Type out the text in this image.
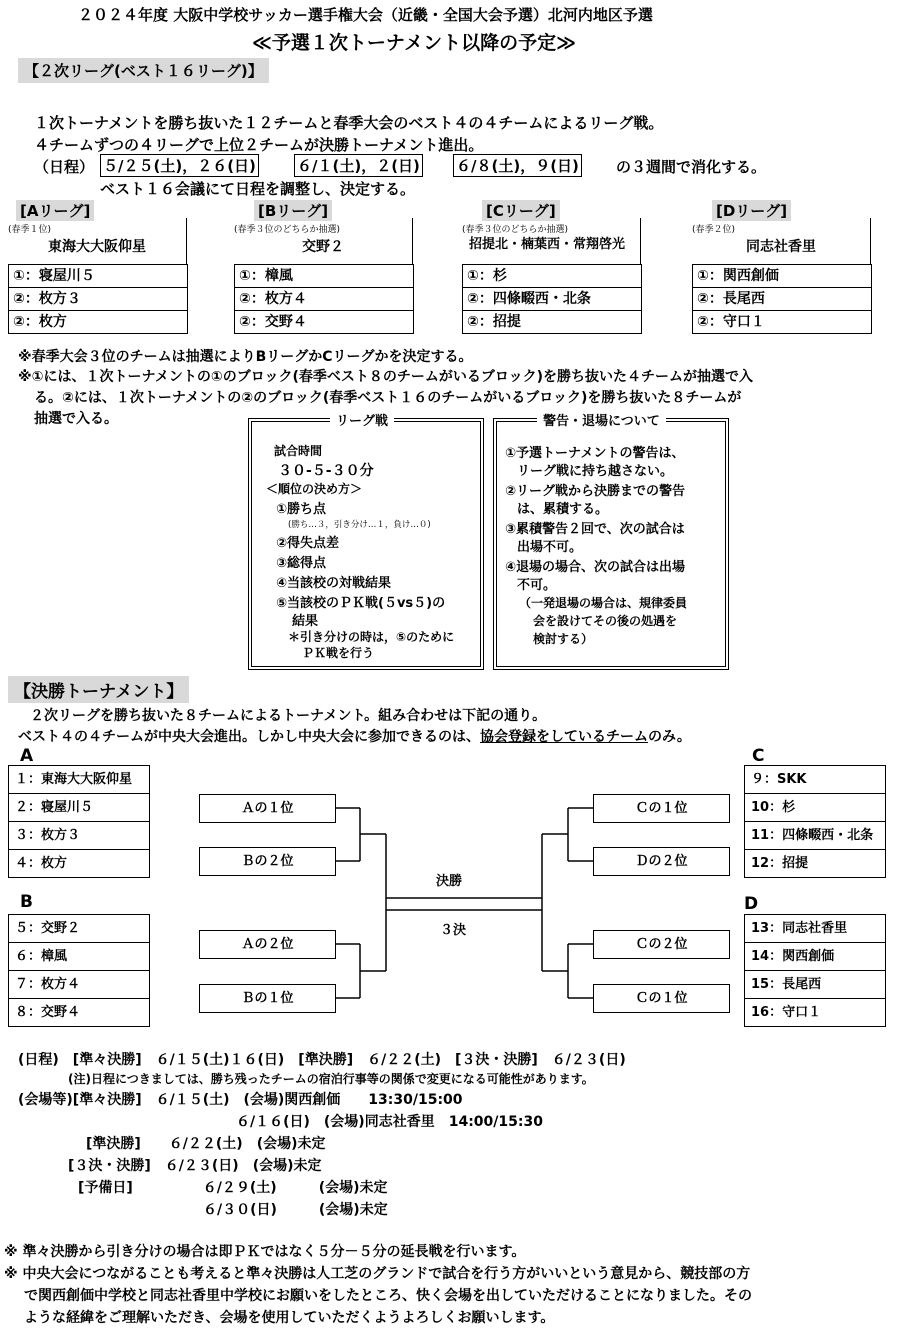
２０２４年度 大阪中学校サッカー選手権大会（近畿・全国大会予選）北河内地区予選
≪予選１次トーナメント以降の予定≫
【２次リーグ(ベスト１６リーグ)】
１次トーナメントを勝ち抜いた１２チームと春季大会のベスト４の４チームによるリーグ戦。
４チームずつの４リーグで上位２チームが決勝トーナメント進出。
（日程） ５/２５(土)，２６(日)	６/１(土)，２(日) ６/８(土)，９(日) の３週間で消化する。
ベスト１６会議にて日程を調整し、決定する。
[Aリーグ]
(春季１位)
東海大大阪仰星
①：寝屋川５
②：枚方３
②：枚方
[Bリーグ]
(春季３位のどちらか抽選)
交野２
①：樟風
②：枚方４
②：交野４
[Cリーグ]
(春季３位のどちらか抽選)
招提北・楠葉西・常翔啓光
①：杉
②：四條畷西・北条
②：招提
[Dリーグ]
(春季２位)
同志社香里
①：関西創価
②：長尾西
②：守口１
※春季大会３位のチームは抽選によりBリーグかCリーグかを決定する。
※①には、１次トーナメントの①のブロック(春季ベスト８のチームがいるブロック)を勝ち抜いた４チームが抽選で入
る。②には、１次トーナメントの②のブロック(春季ベスト１６のチームがいるブロック)を勝ち抜いた８チームが
抽選で入る。	リーグ戦
試合時間
３０-５-３０分
＜順位の決め方＞
①勝ち点
(勝ち…３，引き分け…１，負け…０)
②得失点差
③総得点
④当該校の対戦結果
⑤当該校のＰＫ戦(５vs５)の
結果
＊引き分けの時は，⑤のために
ＰＫ戦を行う
警告・退場について
①予選トーナメントの警告は、
リーグ戦に持ち越さない。
②リーグ戦から決勝までの警告
は、累積する。
③累積警告２回で、次の試合は
出場不可。
④退場の場合、次の試合は出場
不可。
（一発退場の場合は、規律委員
会を設けてその後の処遇を
検討する）
【決勝トーナメント】
２次リーグを勝ち抜いた８チームによるトーナメント。組み合わせは下記の通り。
ベスト４の４チームが中央大会進出。しかし中央大会に参加できるのは、協会登録をしているチームのみ。
A
B
C
D
１：東海大大阪仰星
２：寝屋川５
３：枚方３
４：枚方
５：交野２
６：樟風
７：枚方４
８：交野４
９：SKK
10：杉
11：四條畷西・北条
12：招提
13：同志社香里
14：関西創価
15：長尾西
16：守口１
Ａの１位
Ｂの２位
Ａの２位
Ｂの１位
Ｃの１位
Ｄの２位
Ｃの２位
Ｃの１位
決勝
３決
(日程)　[準々決勝]　６/１５(土)１６(日)　[準決勝]　６/２２(土)　[３決・決勝]　６/２３(日)
(注)日程につきましては、勝ち残ったチームの宿泊行事等の関係で変更になる可能性があります。
(会場等)[準々決勝]　６/１５(土)　(会場)関西創価　　13:30/15:00
６/１６(日)　(会場)同志社香里　14:00/15:30
[準決勝]　　６/２２(土)　(会場)未定
[３決・決勝]　６/２３(日)　(会場)未定
[予備日]　　　　　６/２９(土)　　　(会場)未定
６/３０(日)　　　(会場)未定
※ 準々決勝から引き分けの場合は即ＰＫではなく５分－５分の延長戦を行います。
※ 中央大会につながることも考えると準々決勝は人工芝のグランドで試合を行う方がいいという意見から、競技部の方
で関西創価中学校と同志社香里中学校にお願いをしたところ、快く会場を出していただけることになりました。その
ような経緯をご理解いただき、会場を使用していただくようよろしくお願いします。
